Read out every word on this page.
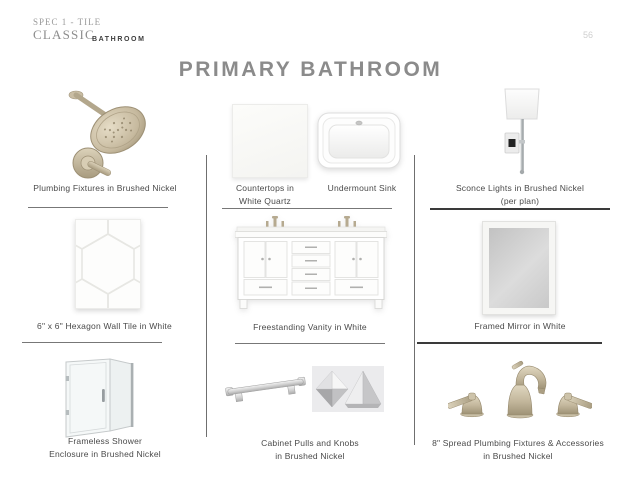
SPEC 1 - TILE
CLASSIC
BATHROOM	56
PRIMARY BATHROOM
Plumbing Fixtures in Brushed Nickel	Countertops in
White Quartz
Undermount Sink	Sconce Lights in Brushed Nickel
(per plan)
6" x 6" Hexagon Wall Tile in White	Freestanding Vanity in White	Framed Mirror in White
Frameless Shower
Enclosure in Brushed Nickel
Cabinet Pulls and Knobs
in Brushed Nickel
8" Spread Plumbing Fixtures & Accessories
in Brushed Nickel
